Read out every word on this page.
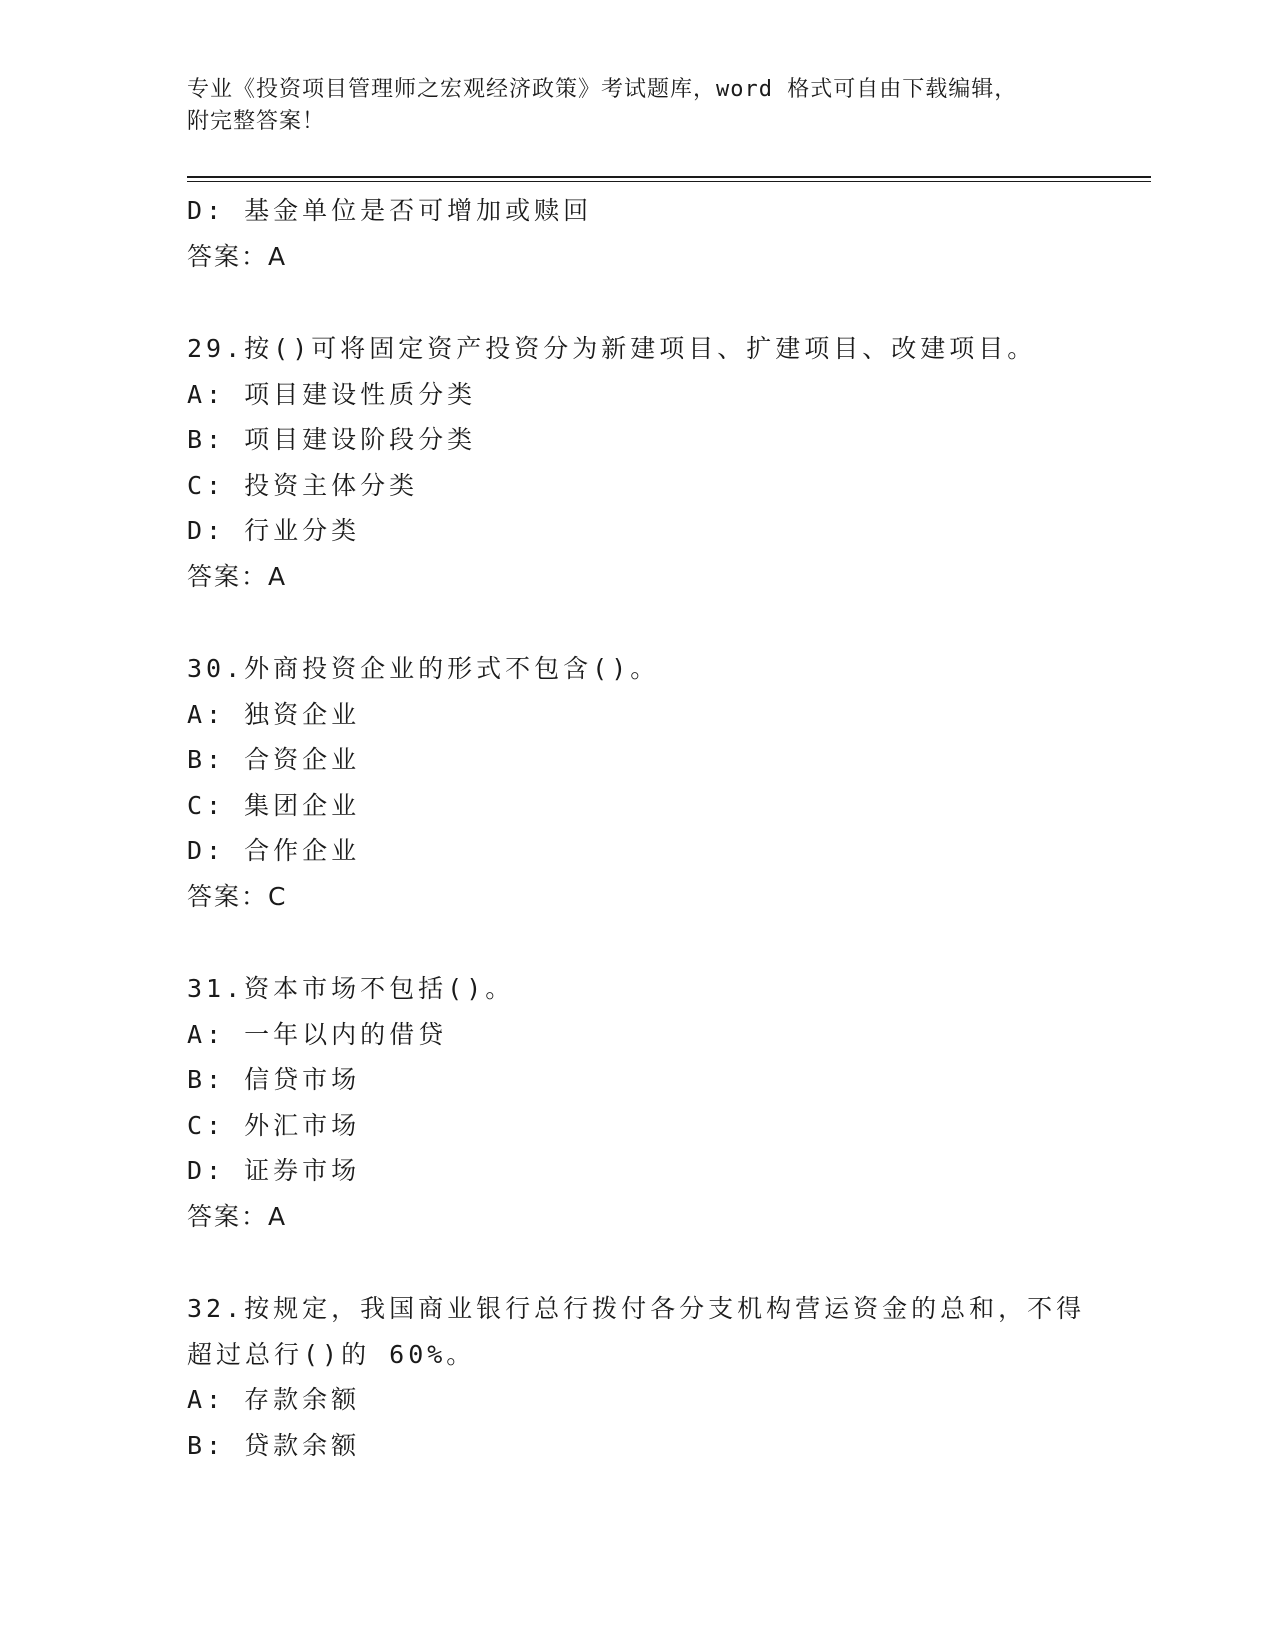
专业《投资项目管理师之宏观经济政策》考试题库，word 格式可自由下载编辑，
附完整答案！
D: 基金单位是否可增加或赎回
答案：A
29.按()可将固定资产投资分为新建项目、扩建项目、改建项目。
A: 项目建设性质分类
B: 项目建设阶段分类
C: 投资主体分类
D: 行业分类
答案：A
30.外商投资企业的形式不包含()。
A: 独资企业
B: 合资企业
C: 集团企业
D: 合作企业
答案：C
31.资本市场不包括()。
A: 一年以内的借贷
B: 信贷市场
C: 外汇市场
D: 证券市场
答案：A
32.按规定，我国商业银行总行拨付各分支机构营运资金的总和，不得
超过总行()的 60%。
A: 存款余额
B: 贷款余额
